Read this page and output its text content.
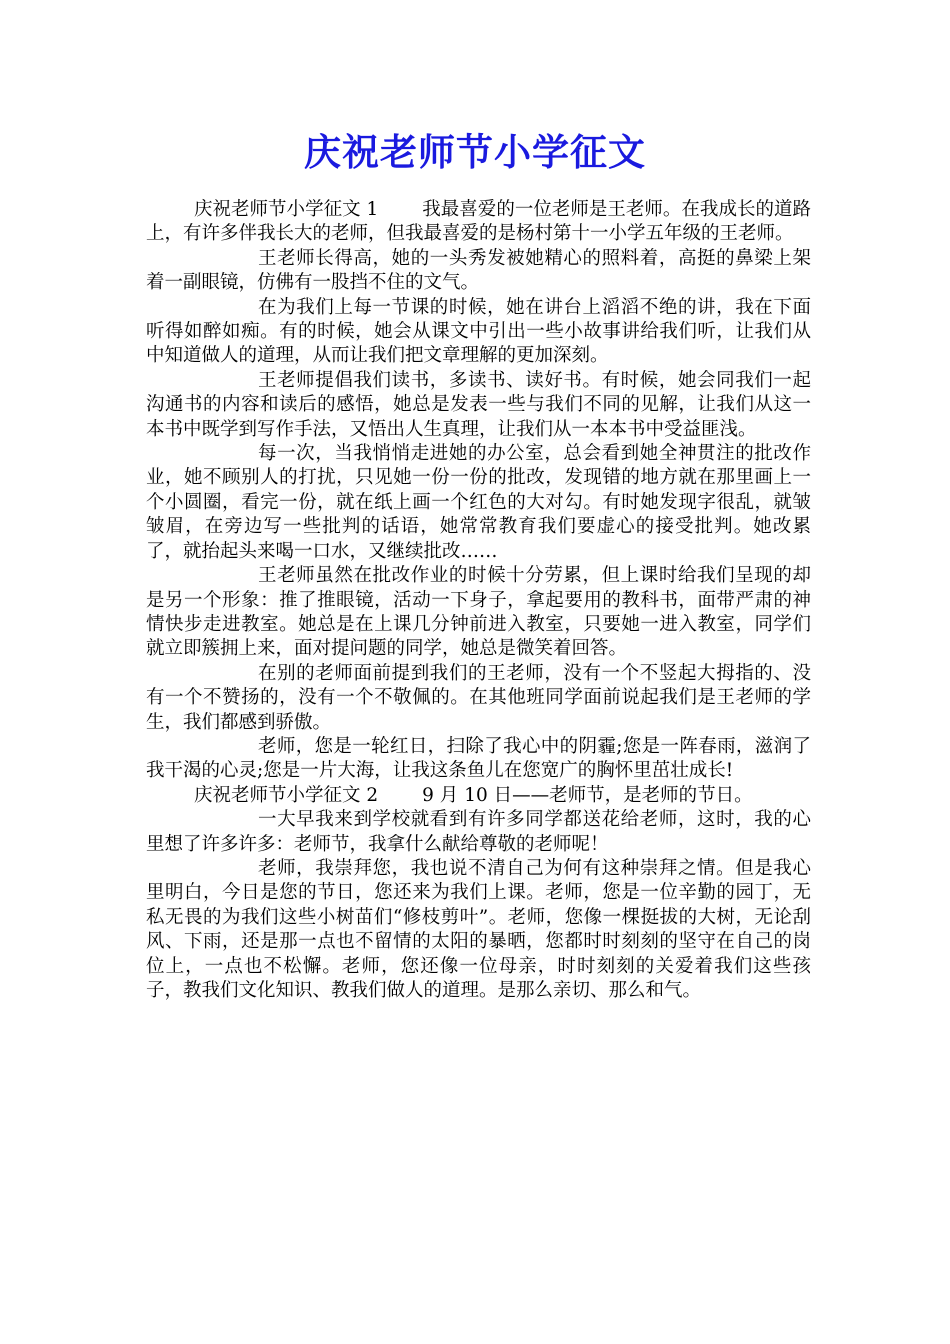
庆祝老师节小学征文

庆祝老师节小学征文 1 我最喜爱的一位老师是王老师。在我成长的道路上，有许多伴我长大的老师，但我最喜爱的是杨村第十一小学五年级的王老师。

王老师长得高，她的一头秀发被她精心的照料着，高挺的鼻梁上架着一副眼镜，仿佛有一股挡不住的文气。

在为我们上每一节课的时候，她在讲台上滔滔不绝的讲，我在下面听得如醉如痴。有的时候，她会从课文中引出一些小故事讲给我们听，让我们从中知道做人的道理，从而让我们把文章理解的更加深刻。

王老师提倡我们读书，多读书、读好书。有时候，她会同我们一起沟通书的内容和读后的感悟，她总是发表一些与我们不同的见解，让我们从这一本书中既学到写作手法，又悟出人生真理，让我们从一本本书中受益匪浅。

每一次，当我悄悄走进她的办公室，总会看到她全神贯注的批改作业，她不顾别人的打扰，只见她一份一份的批改，发现错的地方就在那里画上一个小圆圈，看完一份，就在纸上画一个红色的大对勾。有时她发现字很乱，就皱皱眉，在旁边写一些批判的话语，她常常教育我们要虚心的接受批判。她改累了，就抬起头来喝一口水，又继续批改……

王老师虽然在批改作业的时候十分劳累，但上课时给我们呈现的却是另一个形象：推了推眼镜，活动一下身子，拿起要用的教科书，面带严肃的神情快步走进教室。她总是在上课几分钟前进入教室，只要她一进入教室，同学们就立即簇拥上来，面对提问题的同学，她总是微笑着回答。

在别的老师面前提到我们的王老师，没有一个不竖起大拇指的、没有一个不赞扬的，没有一个不敬佩的。在其他班同学面前说起我们是王老师的学生，我们都感到骄傲。

老师，您是一轮红日，扫除了我心中的阴霾;您是一阵春雨，滋润了我干渴的心灵;您是一片大海，让我这条鱼儿在您宽广的胸怀里茁壮成长!

庆祝老师节小学征文 2 9 月 10 日——老师节，是老师的节日。

一大早我来到学校就看到有许多同学都送花给老师，这时，我的心里想了许多许多：老师节，我拿什么献给尊敬的老师呢！

老师，我崇拜您，我也说不清自己为何有这种崇拜之情。但是我心里明白，今日是您的节日，您还来为我们上课。老师，您是一位辛勤的园丁，无私无畏的为我们这些小树苗们“修枝剪叶”。老师，您像一棵挺拔的大树，无论刮风、下雨，还是那一点也不留情的太阳的暴晒，您都时时刻刻的坚守在自己的岗位上，一点也不松懈。老师，您还像一位母亲，时时刻刻的关爱着我们这些孩子，教我们文化知识、教我们做人的道理。是那么亲切、那么和气。
